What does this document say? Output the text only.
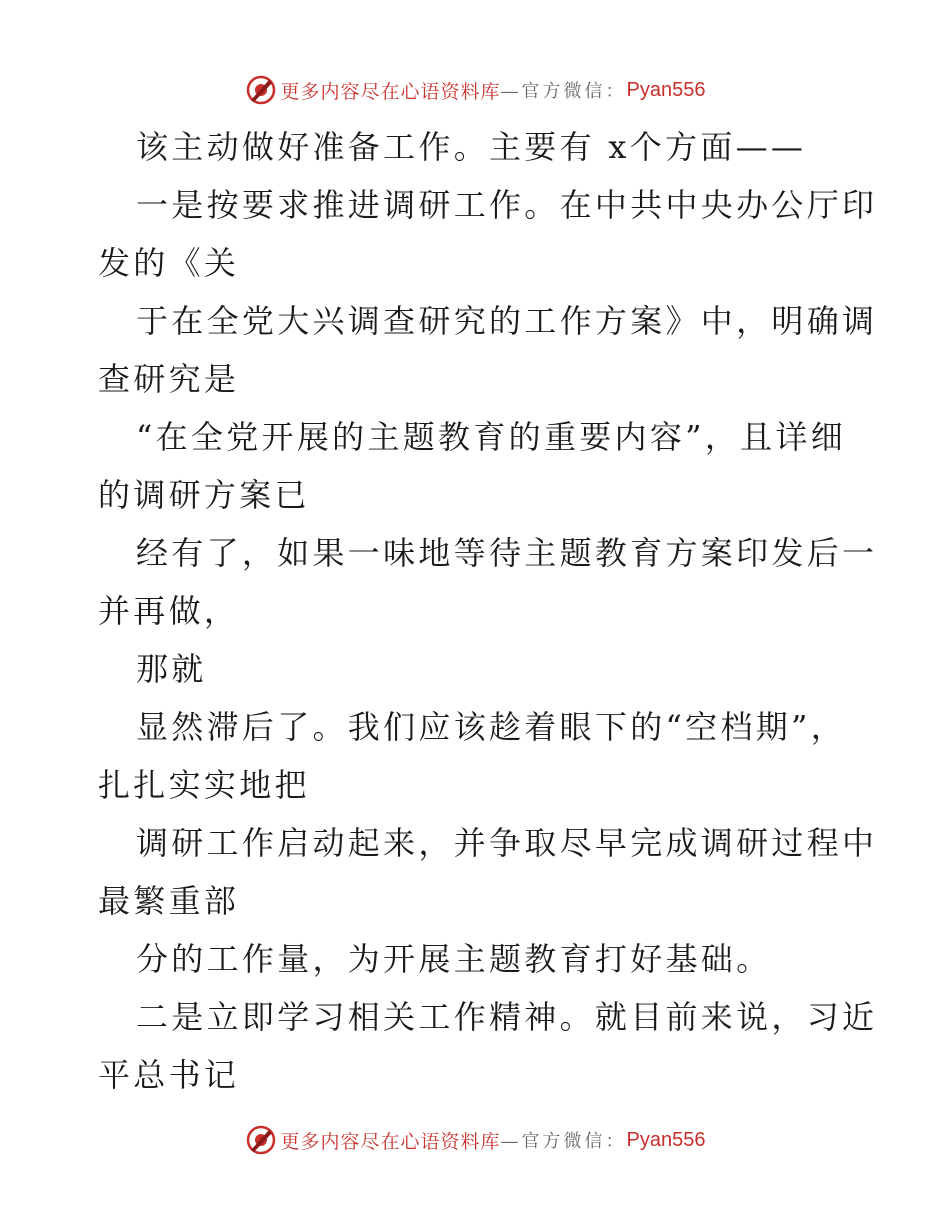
更多内容尽在心语资料库 —官方微信： Pyan556
该主动做好准备工作。主要有 x个方面——
一是按要求推进调研工作。在中共中央办公厅印
发的《关
于在全党大兴调查研究的工作方案》中，明确调
查研究是
“在全党开展的主题教育的重要内容”，且详细
的调研方案已
经有了，如果一味地等待主题教育方案印发后一
并再做，
那就
显然滞后了。我们应该趁着眼下的“空档期”，
扎扎实实地把
调研工作启动起来，并争取尽早完成调研过程中
最繁重部
分的工作量，为开展主题教育打好基础。
二是立即学习相关工作精神。就目前来说，习近
平总书记
更多内容尽在心语资料库 —官方微信： Pyan556
